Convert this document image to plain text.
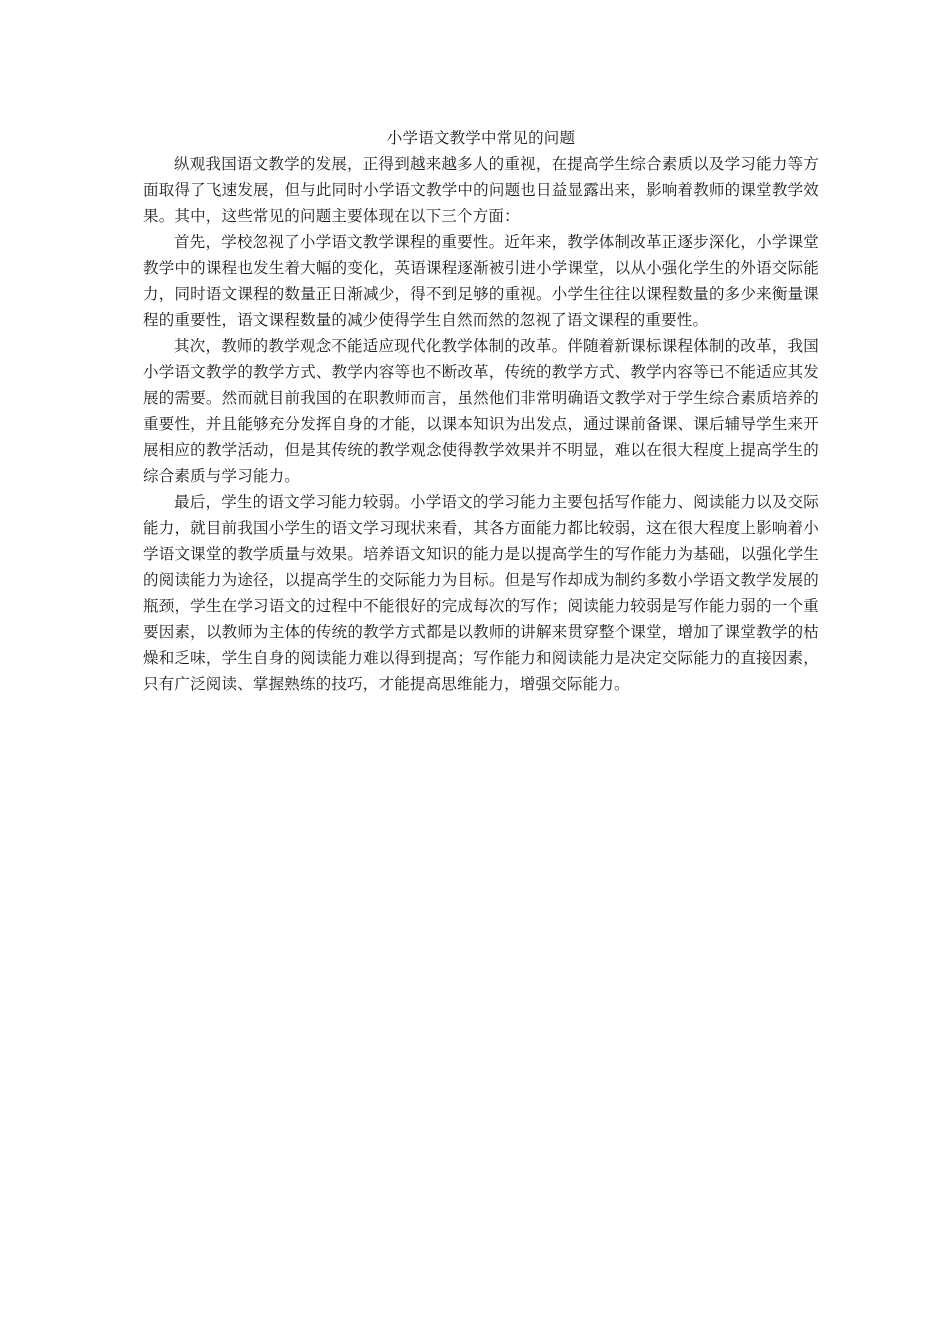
小学语文教学中常见的问题

纵观我国语文教学的发展，正得到越来越多人的重视，在提高学生综合素质以及学习能力等方面取得了飞速发展，但与此同时小学语文教学中的问题也日益显露出来，影响着教师的课堂教学效果。其中，这些常见的问题主要体现在以下三个方面：

首先，学校忽视了小学语文教学课程的重要性。近年来，教学体制改革正逐步深化，小学课堂教学中的课程也发生着大幅的变化，英语课程逐渐被引进小学课堂，以从小强化学生的外语交际能力，同时语文课程的数量正日渐减少，得不到足够的重视。小学生往往以课程数量的多少来衡量课程的重要性，语文课程数量的减少使得学生自然而然的忽视了语文课程的重要性。

其次，教师的教学观念不能适应现代化教学体制的改革。伴随着新课标课程体制的改革，我国小学语文教学的教学方式、教学内容等也不断改革，传统的教学方式、教学内容等已不能适应其发展的需要。然而就目前我国的在职教师而言，虽然他们非常明确语文教学对于学生综合素质培养的重要性，并且能够充分发挥自身的才能，以课本知识为出发点，通过课前备课、课后辅导学生来开展相应的教学活动，但是其传统的教学观念使得教学效果并不明显，难以在很大程度上提高学生的综合素质与学习能力。

最后，学生的语文学习能力较弱。小学语文的学习能力主要包括写作能力、阅读能力以及交际能力，就目前我国小学生的语文学习现状来看，其各方面能力都比较弱，这在很大程度上影响着小学语文课堂的教学质量与效果。培养语文知识的能力是以提高学生的写作能力为基础，以强化学生的阅读能力为途径，以提高学生的交际能力为目标。但是写作却成为制约多数小学语文教学发展的瓶颈，学生在学习语文的过程中不能很好的完成每次的写作；阅读能力较弱是写作能力弱的一个重要因素，以教师为主体的传统的教学方式都是以教师的讲解来贯穿整个课堂，增加了课堂教学的枯燥和乏味，学生自身的阅读能力难以得到提高；写作能力和阅读能力是决定交际能力的直接因素，只有广泛阅读、掌握熟练的技巧，才能提高思维能力，增强交际能力。
